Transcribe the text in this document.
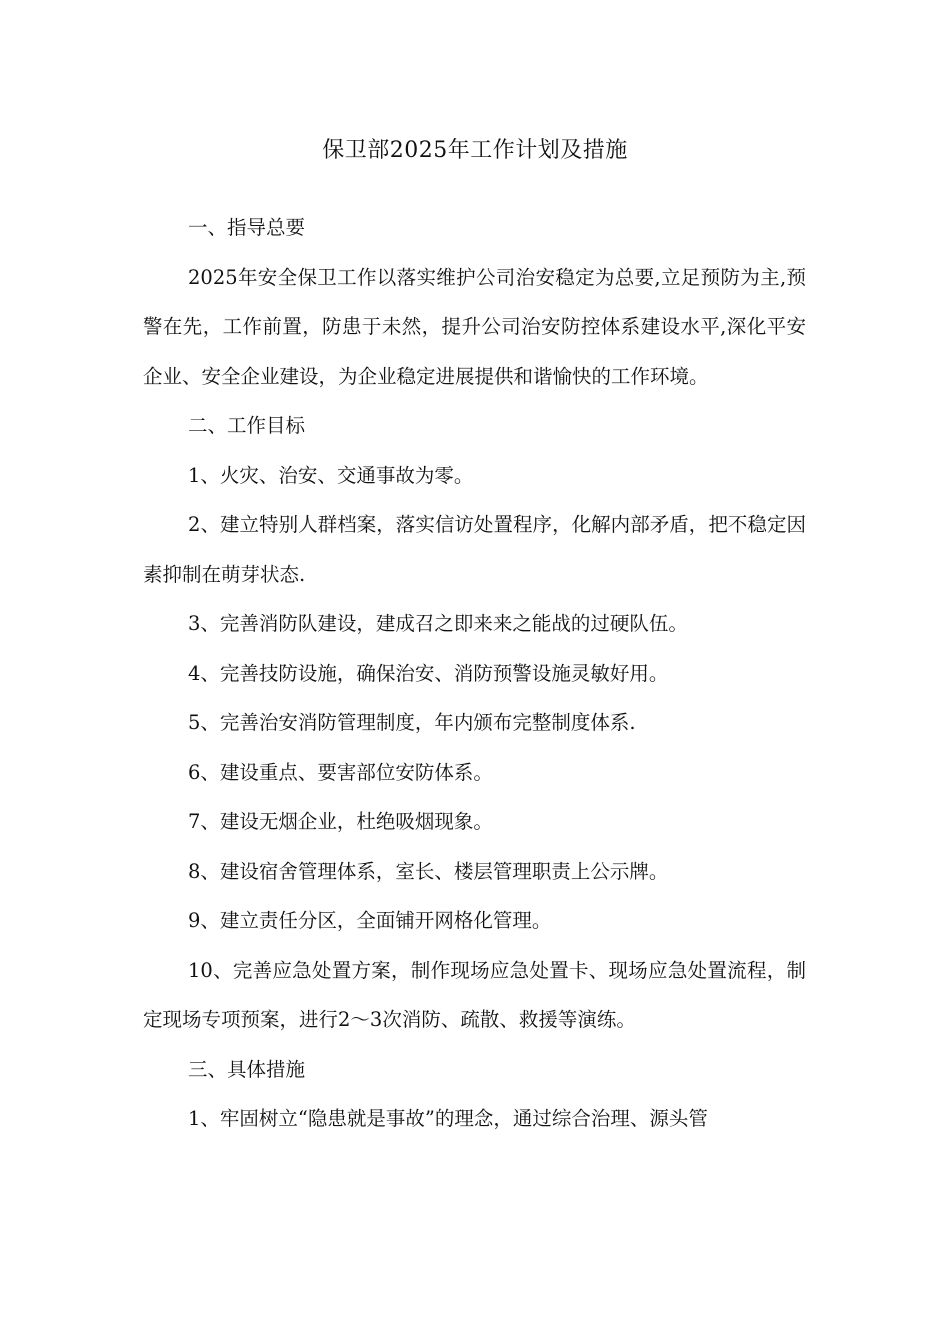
保卫部2025年工作计划及措施

一、指导总要

2025年安全保卫工作以落实维护公司治安稳定为总要,立足预防为主,预警在先，工作前置，防患于未然，提升公司治安防控体系建设水平,深化平安企业、安全企业建设，为企业稳定进展提供和谐愉快的工作环境。

二、工作目标

1、火灾、治安、交通事故为零。

2、建立特别人群档案，落实信访处置程序，化解内部矛盾，把不稳定因素抑制在萌芽状态.

3、完善消防队建设，建成召之即来来之能战的过硬队伍。

4、完善技防设施，确保治安、消防预警设施灵敏好用。

5、完善治安消防管理制度，年内颁布完整制度体系.

6、建设重点、要害部位安防体系。

7、建设无烟企业，杜绝吸烟现象。

8、建设宿舍管理体系，室长、楼层管理职责上公示牌。

9、建立责任分区，全面铺开网格化管理。

10、完善应急处置方案，制作现场应急处置卡、现场应急处置流程，制定现场专项预案，进行2～3次消防、疏散、救援等演练。

三、具体措施

1、牢固树立“隐患就是事故”的理念，通过综合治理、源头管
